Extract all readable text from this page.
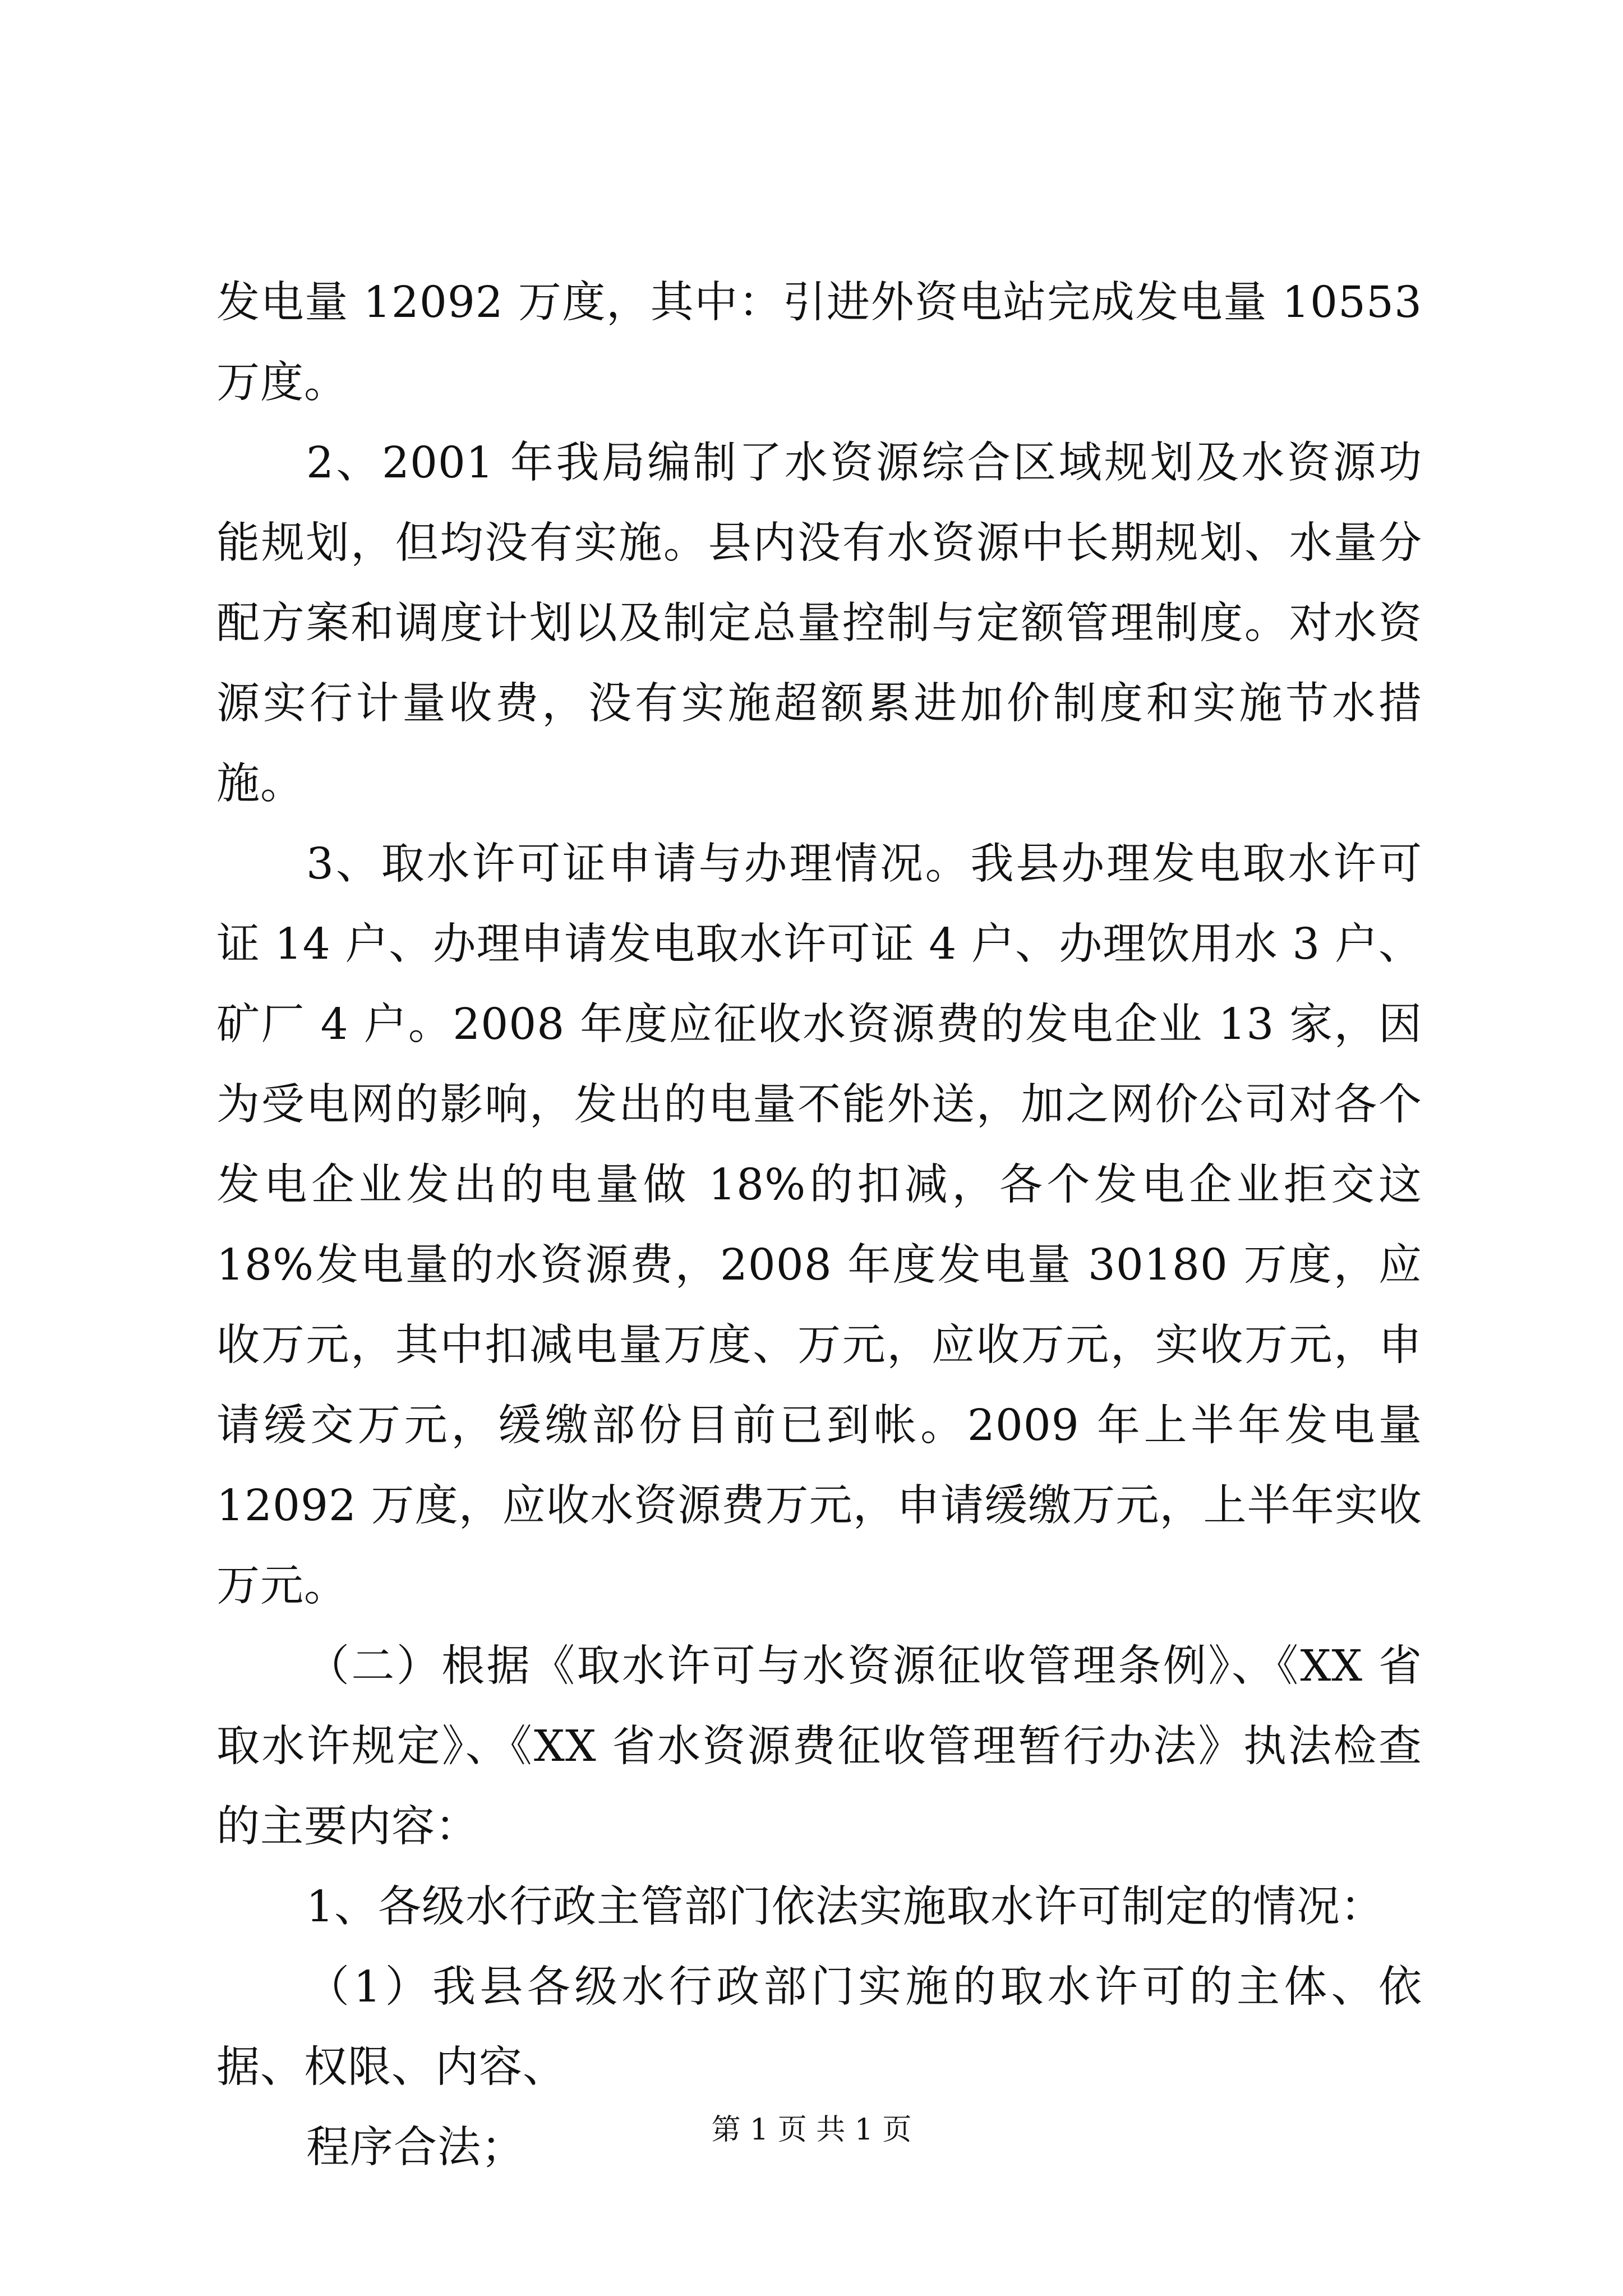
发电量 12092 万度，其中：引进外资电站完成发电量 10553 万度。

2、2001 年我局编制了水资源综合区域规划及水资源功能规划，但均没有实施。县内没有水资源中长期规划、水量分配方案和调度计划以及制定总量控制与定额管理制度。对水资源实行计量收费，没有实施超额累进加价制度和实施节水措施。

3、取水许可证申请与办理情况。我县办理发电取水许可证 14 户、办理申请发电取水许可证 4 户、办理饮用水 3 户、矿厂 4 户。2008 年度应征收水资源费的发电企业 13 家，因为受电网的影响，发出的电量不能外送，加之网价公司对各个发电企业发出的电量做 18%的扣减，各个发电企业拒交这 18%发电量的水资源费，2008 年度发电量 30180 万度，应收万元，其中扣减电量万度、万元，应收万元，实收万元，申请缓交万元，缓缴部份目前已到帐。2009 年上半年发电量 12092 万度，应收水资源费万元，申请缓缴万元，上半年实收万元。

（二）根据《取水许可与水资源征收管理条例》、《XX 省取水许规定》、《XX 省水资源费征收管理暂行办法》执法检查的主要内容：

1、各级水行政主管部门依法实施取水许可制定的情况：

（1）我县各级水行政部门实施的取水许可的主体、依据、权限、内容、

程序合法；	第 1 页 共 1 页
